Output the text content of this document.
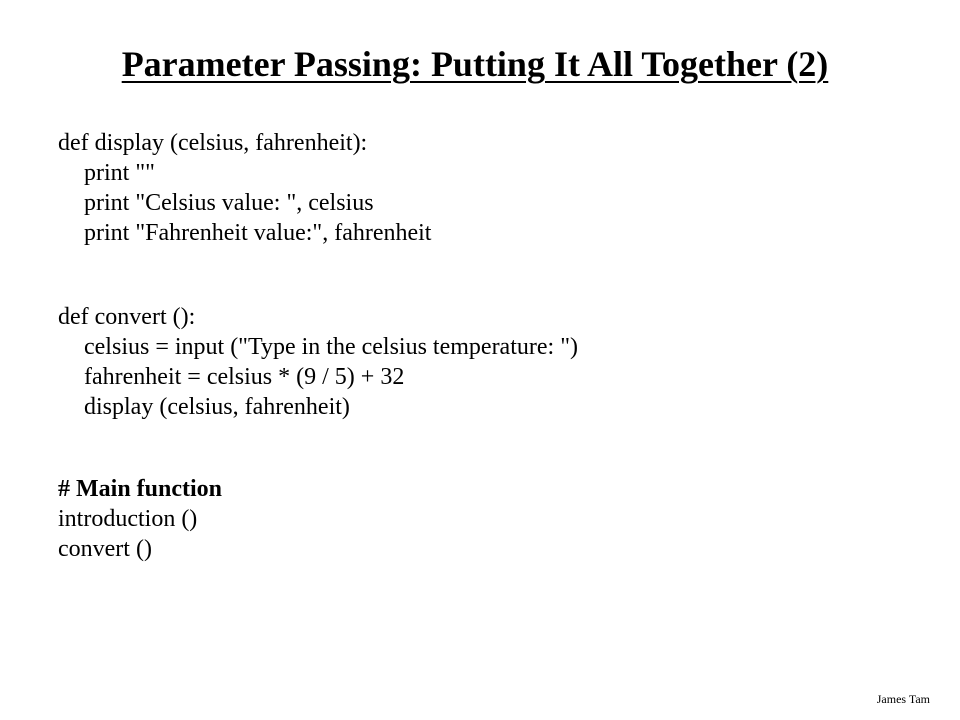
Parameter Passing: Putting It All Together (2)
def display (celsius, fahrenheit):
print ""
print "Celsius value: ", celsius
print "Fahrenheit value:", fahrenheit
def convert ():
celsius = input ("Type in the celsius temperature: ")
fahrenheit = celsius * (9 / 5) + 32
display (celsius, fahrenheit)
# Main function
introduction ()
convert ()
James Tam
